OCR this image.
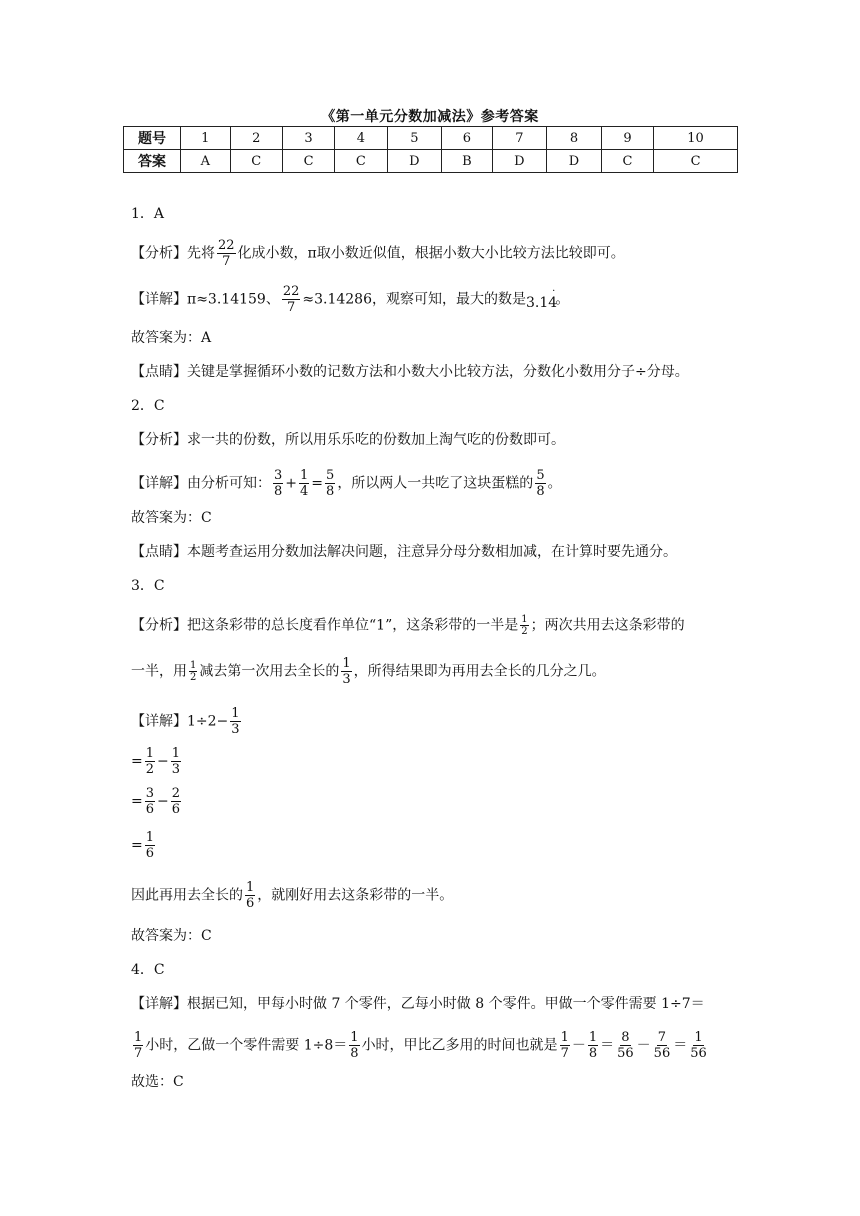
《第一单元分数加减法》参考答案
题号	1	2	3	4	5	6	7	8	9	10
答案	A	C	C	C	D	B	D	D	C	C
1．A
【分析】先将 $\frac{22}{7}$ 化成小数，π取小数近似值，根据小数大小比较方法比较即可。
【详解】π≈3.14159、 $\frac{22}{7} \approx 3.14286$，观察可知，最大的数是3.14·。
故答案为：A
【点睛】关键是掌握循环小数的记数方法和小数大小比较方法，分数化小数用分子÷分母。
2．C
【分析】求一共的份数，所以用乐乐吃的份数加上淘气吃的份数即可。
【详解】由分析可知： $\frac{3}{8} + \frac{1}{4} = \frac{5}{8}$ ，所以两人一共吃了这块蛋糕的 $\frac{5}{8}$ 。
故答案为：C
【点睛】本题考查运用分数加法解决问题，注意异分母分数相加减，在计算时要先通分。
3．C
【分析】把这条彩带的总长度看作单位“1”，这条彩带的一半是 $\frac{1}{2}$ ；两次共用去这条彩带的
一半，用 $\frac{1}{2}$ 减去第一次用去全长的 $\frac{1}{3}$ ，所得结果即为再用去全长的几分之几。
【详解】$1\div 2- \frac{1}{3}$
= $\frac{1}{2} - \frac{1}{3}$
= $\frac{3}{6} - \frac{2}{6}$
= $\frac{1}{6}$
因此再用去全长的 $\frac{1}{6}$ ，就刚好用去这条彩带的一半。
故答案为：C
4．C
【详解】根据已知，甲每小时做 7 个零件，乙每小时做 8 个零件。甲做一个零件需要 1÷7＝
$\frac{1}{7}$ 小时，乙做一个零件需要 $1\div 8= \frac{1}{8}$ 小时，甲比乙多用的时间也就是 $\frac{1}{7} - \frac{1}{8} = \frac{8}{56} - \frac{7}{56} = \frac{1}{56}$
故选：C
